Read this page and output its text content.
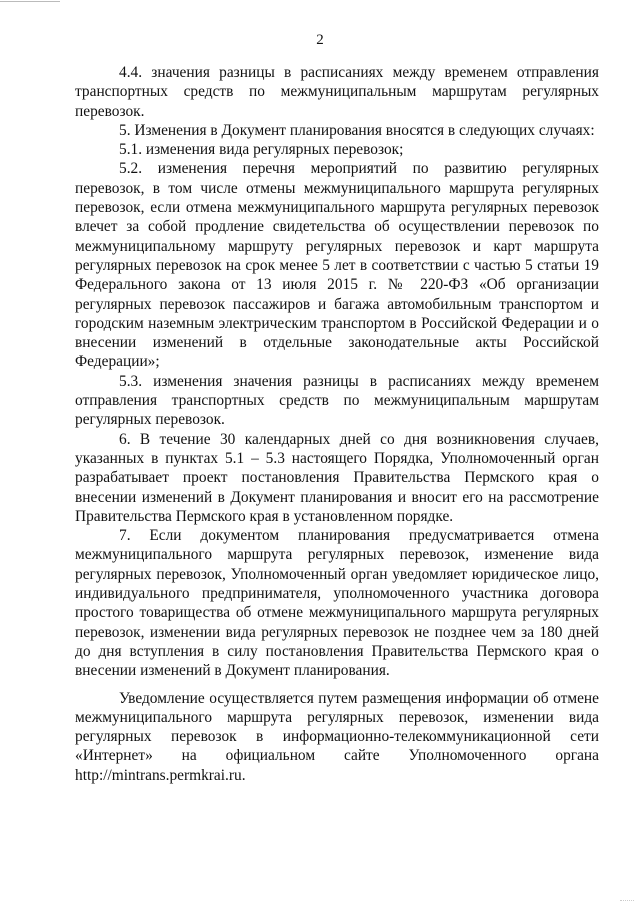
2

4.4. значения разницы в расписаниях между временем отправления транспортных средств по межмуниципальным маршрутам регулярных перевозок.

5. Изменения в Документ планирования вносятся в следующих случаях:

5.1. изменения вида регулярных перевозок;

5.2. изменения перечня мероприятий по развитию регулярных перевозок, в том числе отмены межмуниципального маршрута регулярных перевозок, если отмена межмуниципального маршрута регулярных перевозок влечет за собой продление свидетельства об осуществлении перевозок по межмуниципальному маршруту регулярных перевозок и карт маршрута регулярных перевозок на срок менее 5 лет в соответствии с частью 5 статьи 19 Федерального закона от 13 июля 2015 г. № 220-ФЗ «Об организации регулярных перевозок пассажиров и багажа автомобильным транспортом и городским наземным электрическим транспортом в Российской Федерации и о внесении изменений в отдельные законодательные акты Российской Федерации»;

5.3. изменения значения разницы в расписаниях между временем отправления транспортных средств по межмуниципальным маршрутам регулярных перевозок.

6. В течение 30 календарных дней со дня возникновения случаев, указанных в пунктах 5.1 – 5.3 настоящего Порядка, Уполномоченный орган разрабатывает проект постановления Правительства Пермского края о внесении изменений в Документ планирования и вносит его на рассмотрение Правительства Пермского края в установленном порядке.

7. Если документом планирования предусматривается отмена межмуниципального маршрута регулярных перевозок, изменение вида регулярных перевозок, Уполномоченный орган уведомляет юридическое лицо, индивидуального предпринимателя, уполномоченного участника договора простого товарищества об отмене межмуниципального маршрута регулярных перевозок, изменении вида регулярных перевозок не позднее чем за 180 дней до дня вступления в силу постановления Правительства Пермского края о внесении изменений в Документ планирования.

Уведомление осуществляется путем размещения информации об отмене межмуниципального маршрута регулярных перевозок, изменении вида регулярных перевозок в информационно-телекоммуникационной сети «Интернет» на официальном сайте Уполномоченного органа http://mintrans.permkrai.ru.
